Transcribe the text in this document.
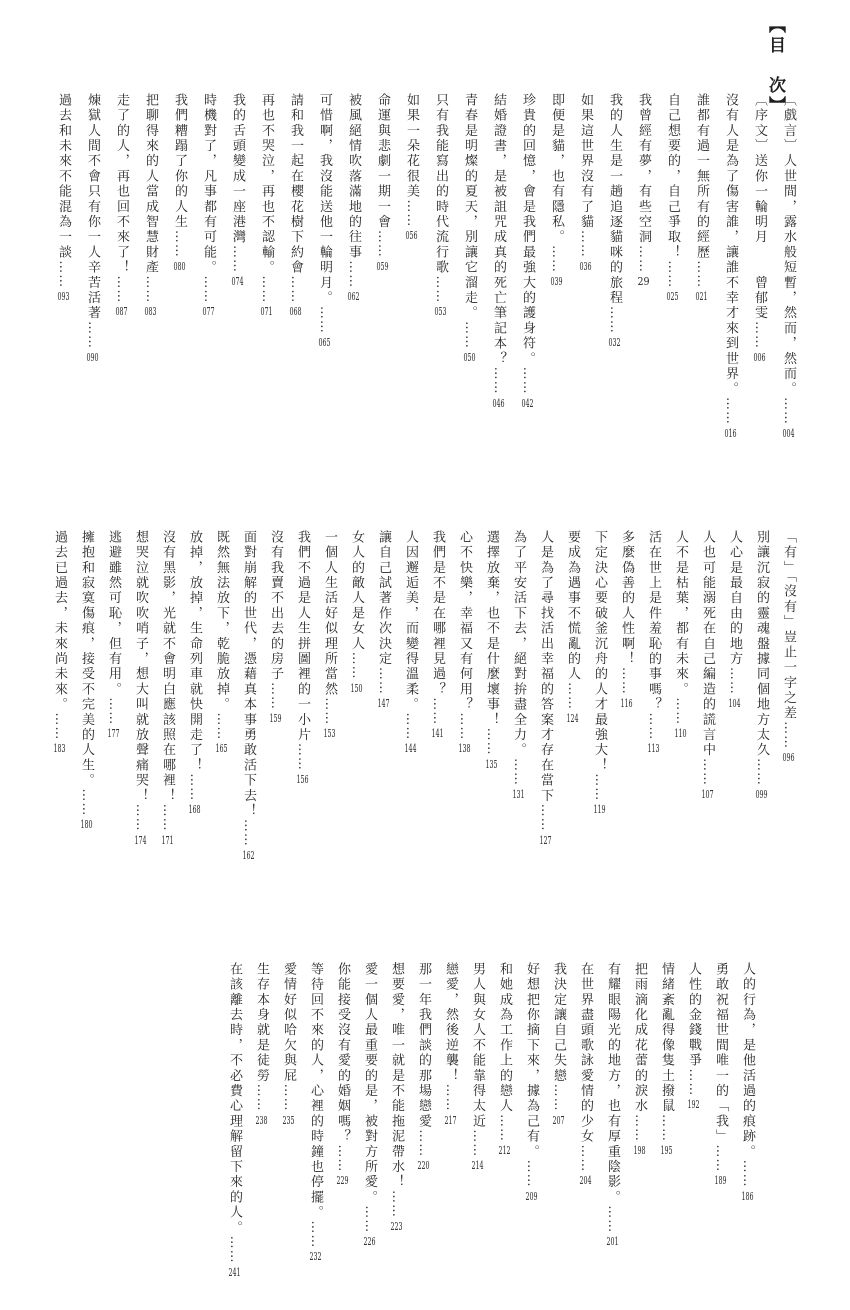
【目　次】
〔戲言〕人世間，露水般短暫，然而，然而。……004
〔序文〕送你一輪明月　　曾郁雯……006
沒有人是為了傷害誰，讓誰不幸才來到世界。……016
誰都有過一無所有的經歷……021
自己想要的，自己爭取！……025
我曾經有夢，有些空洞……29
我的人生是一趟追逐貓咪的旅程……032
如果這世界沒有了貓……036
即便是貓，也有隱私。……039
珍貴的回憶，會是我們最強大的護身符。……042
結婚證書，是被詛咒成真的死亡筆記本？……046
青春是明燦的夏天，別讓它溜走。……050
只有我能寫出的時代流行歌……053
如果一朵花很美……056
命運與悲劇一期一會……059
被風絕情吹落滿地的往事……062
可惜啊，我沒能送他一輪明月。……065
請和我一起在櫻花樹下約會……068
再也不哭泣，再也不認輸。……071
我的舌頭變成一座港灣……074
時機對了，凡事都有可能。……077
我們糟蹋了你的人生……080
把聊得來的人當成智慧財產……083
走了的人，再也回不來了！……087
煉獄人間不會只有你一人辛苦活著……090
過去和未來不能混為一談……093
「有」「沒有」豈止一字之差……096
別讓沉寂的靈魂盤據同個地方太久……099
人心是最自由的地方……104
人也可能溺死在自己編造的謊言中……107
人不是枯葉，都有未來。……110
活在世上是件羞恥的事嗎？……113
多麼偽善的人性啊！……116
下定決心要破釜沉舟的人才最強大！……119
要成為遇事不慌亂的人……124
人是為了尋找活出幸福的答案才存在當下……127
為了平安活下去，絕對拚盡全力。……131
選擇放棄，也不是什麼壞事！……135
心不快樂，幸福又有何用？……138
我們是不是在哪裡見過？……141
人因邂逅美，而變得溫柔。……144
讓自己試著作次決定……147
女人的敵人是女人……150
一個人生活好似理所當然……153
我們不過是人生拼圖裡的一小片……156
沒有我賣不出去的房子……159
面對崩解的世代，憑藉真本事勇敢活下去！……162
既然無法放下，乾脆放掉。……165
放掉，放掉，生命列車就快開走了！……168
沒有黑影，光就不會明白應該照在哪裡！……171
想哭泣就吹吹哨子，想大叫就放聲痛哭！……174
逃避雖然可恥，但有用。……177
擁抱和寂寞傷痕，接受不完美的人生。……180
過去已過去，未來尚未來。……183
人的行為，是他活過的痕跡。……186
勇敢祝福世間唯一的「我」……189
人性的金錢戰爭……192
情緒紊亂得像隻土撥鼠……195
把雨滴化成花蕾的淚水……198
有耀眼陽光的地方，也有厚重陰影。……201
在世界盡頭歌詠愛情的少女……204
我決定讓自己失戀……207
好想把你摘下來，據為己有。……209
和她成為工作上的戀人……212
男人與女人不能靠得太近……214
戀愛，然後逆襲！……217
那一年我們談的那場戀愛……220
想要愛，唯一就是不能拖泥帶水！……223
愛一個人最重要的是，被對方所愛。……226
你能接受沒有愛的婚姻嗎？……229
等待回不來的人，心裡的時鐘也停擺。……232
愛情好似哈欠與屁……235
生存本身就是徒勞……238
在該離去時，不必費心理解留下來的人。……241
